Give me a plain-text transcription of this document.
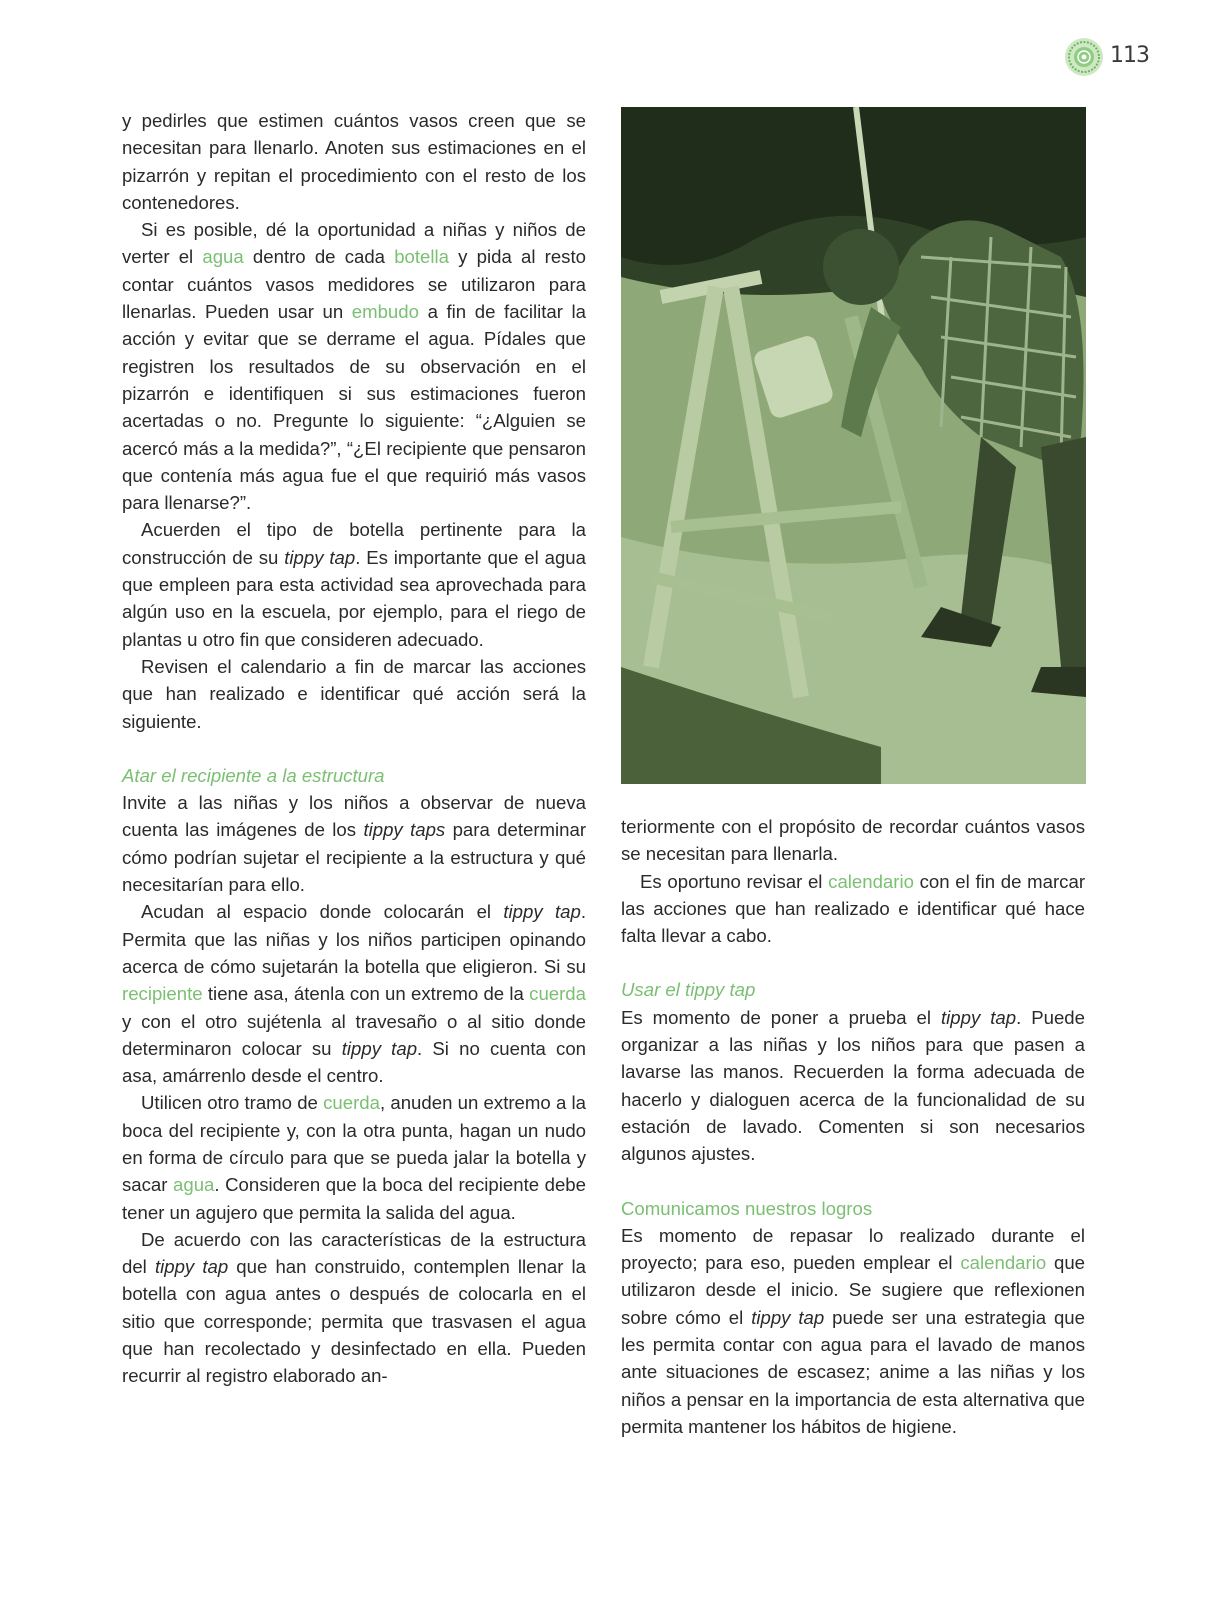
113

y pedirles que estimen cuántos vasos creen que se necesitan para llenarlo. Anoten sus estimaciones en el pizarrón y repitan el procedimiento con el resto de los contenedores.

Si es posible, dé la oportunidad a niñas y niños de verter el agua dentro de cada botella y pida al resto contar cuántos vasos medidores se utilizaron para llenarlas. Pueden usar un embudo a fin de facilitar la acción y evitar que se derrame el agua. Pídales que registren los resultados de su observación en el pizarrón e identifiquen si sus estimaciones fueron acertadas o no. Pregunte lo siguiente: “¿Alguien se acercó más a la medida?”, “¿El recipiente que pensaron que contenía más agua fue el que requirió más vasos para llenarse?”.

Acuerden el tipo de botella pertinente para la construcción de su tippy tap. Es importante que el agua que empleen para esta actividad sea aprovechada para algún uso en la escuela, por ejemplo, para el riego de plantas u otro fin que consideren adecuado.

Revisen el calendario a fin de marcar las acciones que han realizado e identificar qué acción será la siguiente.

Atar el recipiente a la estructura

Invite a las niñas y los niños a observar de nueva cuenta las imágenes de los tippy taps para determinar cómo podrían sujetar el recipiente a la estructura y qué necesitarían para ello.

Acudan al espacio donde colocarán el tippy tap. Permita que las niñas y los niños participen opinando acerca de cómo sujetarán la botella que eligieron. Si su recipiente tiene asa, átenla con un extremo de la cuerda y con el otro sujétenla al travesaño o al sitio donde determinaron colocar su tippy tap. Si no cuenta con asa, amárrenlo desde el centro.

Utilicen otro tramo de cuerda, anuden un extremo a la boca del recipiente y, con la otra punta, hagan un nudo en forma de círculo para que se pueda jalar la botella y sacar agua. Consideren que la boca del recipiente debe tener un agujero que permita la salida del agua.

De acuerdo con las características de la estructura del tippy tap que han construido, contemplen llenar la botella con agua antes o después de colocarla en el sitio que corresponde; permita que trasvasen el agua que han recolectado y desinfectado en ella. Pueden recurrir al registro elaborado an-

teriormente con el propósito de recordar cuántos vasos se necesitan para llenarla.

Es oportuno revisar el calendario con el fin de marcar las acciones que han realizado e identificar qué hace falta llevar a cabo.

Usar el tippy tap

Es momento de poner a prueba el tippy tap. Puede organizar a las niñas y los niños para que pasen a lavarse las manos. Recuerden la forma adecuada de hacerlo y dialoguen acerca de la funcionalidad de su estación de lavado. Comenten si son necesarios algunos ajustes.

Comunicamos nuestros logros

Es momento de repasar lo realizado durante el proyecto; para eso, pueden emplear el calendario que utilizaron desde el inicio. Se sugiere que reflexionen sobre cómo el tippy tap puede ser una estrategia que les permita contar con agua para el lavado de manos ante situaciones de escasez; anime a las niñas y los niños a pensar en la importancia de esta alternativa que permita mantener los hábitos de higiene.
